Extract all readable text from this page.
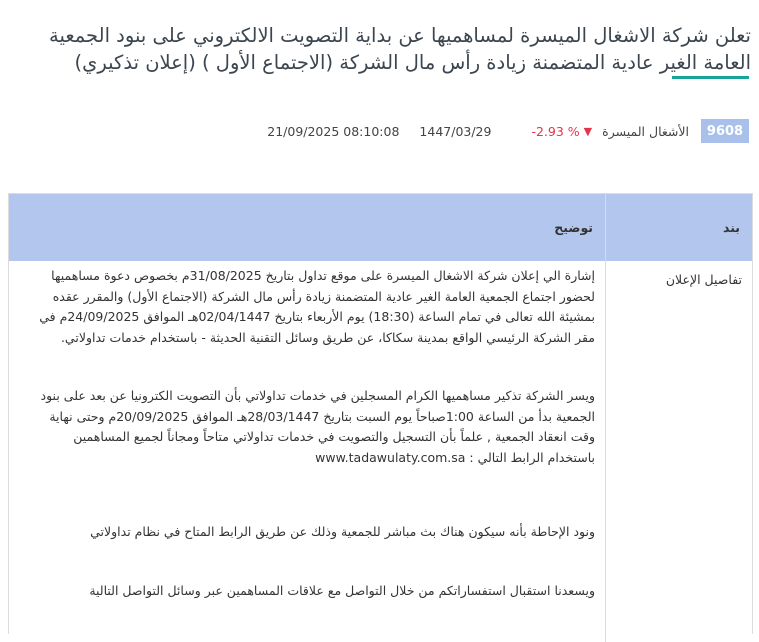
تعلن شركة الاشغال الميسرة لمساهميها عن بداية التصويت الالكتروني على بنود الجمعية العامة الغير عادية المتضمنة زيادة رأس مال الشركة (الاجتماع الأول ) (إعلان تذكيري)
9608
الأشغال الميسرة
▼
-2.93 %
1447/03/29
21/09/2025 08:10:08
بند	توضيح
تفاصيل الإعلان	إشارة الي إعلان شركة الاشغال الميسرة على موقع تداول بتاريخ 31/08/2025م بخصوص دعوة مساهميها لحضور اجتماع الجمعية العامة الغير عادية المتضمنة زيادة رأس مال الشركة (الاجتماع الأول) والمقرر عقده بمشيئة الله تعالى في تمام الساعة (18:30) يوم الأربعاء بتاريخ 02/04/1447هـ الموافق 24/09/2025م في مقر الشركة الرئيسي الواقع بمدينة سكاكا، عن طريق وسائل التقنية الحديثة - باستخدام خدمات تداولاتي.

ويسر الشركة تذكير مساهميها الكرام المسجلين في خدمات تداولاتي بأن التصويت الكترونيا عن بعد على بنود الجمعية بدأ من الساعة 1:00صباحاً يوم السبت بتاريخ 28/03/1447هـ الموافق 20/09/2025م وحتى نهاية وقت انعقاد الجمعية , علماً بأن التسجيل والتصويت في خدمات تداولاتي متاحاً ومجاناً لجميع المساهمين باستخدام الرابط التالي : www.tadawulaty.com.sa

ونود الإحاطة بأنه سيكون هناك بث مباشر للجمعية وذلك عن طريق الرابط المتاح في نظام تداولاتي

ويسعدنا استقبال استفساراتكم من خلال التواصل مع علاقات المساهمين عبر وسائل التواصل التالية
